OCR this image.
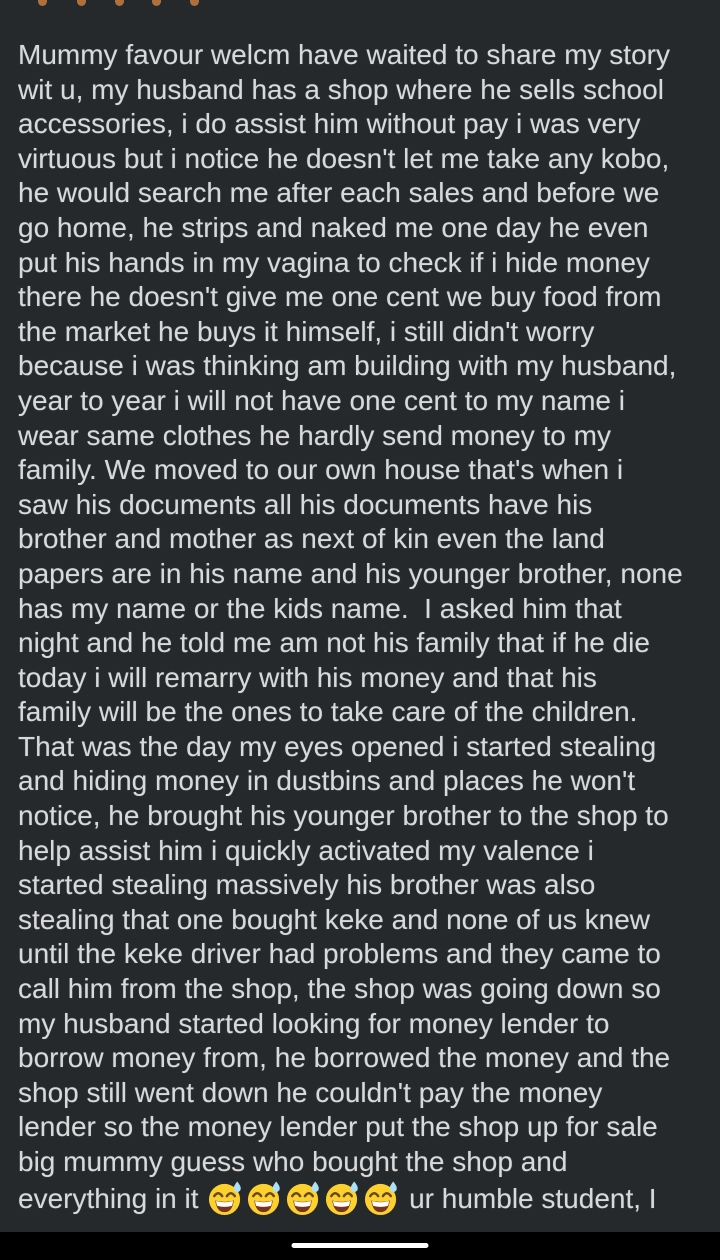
Mummy favour welcm have waited to share my story
wit u, my husband has a shop where he sells school
accessories, i do assist him without pay i was very
virtuous but i notice he doesn't let me take any kobo,
he would search me after each sales and before we
go home, he strips and naked me one day he even
put his hands in my vagina to check if i hide money
there he doesn't give me one cent we buy food from
the market he buys it himself, i still didn't worry
because i was thinking am building with my husband,
year to year i will not have one cent to my name i
wear same clothes he hardly send money to my
family. We moved to our own house that's when i
saw his documents all his documents have his
brother and mother as next of kin even the land
papers are in his name and his younger brother, none
has my name or the kids name.  I asked him that
night and he told me am not his family that if he die
today i will remarry with his money and that his
family will be the ones to take care of the children.
That was the day my eyes opened i started stealing
and hiding money in dustbins and places he won't
notice, he brought his younger brother to the shop to
help assist him i quickly activated my valence i
started stealing massively his brother was also
stealing that one bought keke and none of us knew
until the keke driver had problems and they came to
call him from the shop, the shop was going down so
my husband started looking for money lender to
borrow money from, he borrowed the money and the
shop still went down he couldn't pay the money
lender so the money lender put the shop up for sale
big mummy guess who bought the shop and
everything in it	ur humble student, I
